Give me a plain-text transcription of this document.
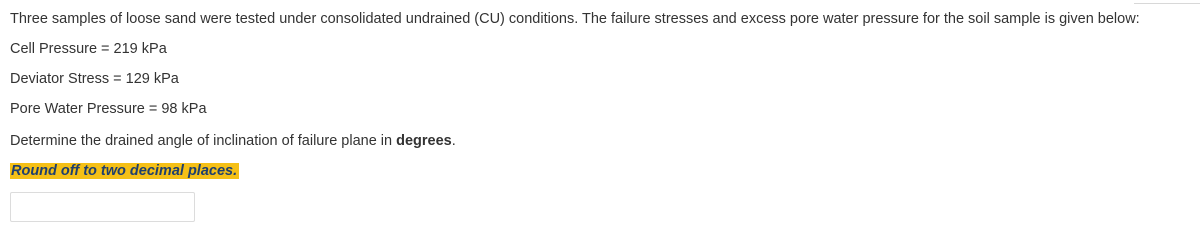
Three samples of loose sand were tested under consolidated undrained (CU) conditions. The failure stresses and excess pore water pressure for the soil sample is given below:
Cell Pressure = 219 kPa
Deviator Stress = 129 kPa
Pore Water Pressure = 98 kPa
Determine the drained angle of inclination of failure plane in degrees.
Round off to two decimal places.
